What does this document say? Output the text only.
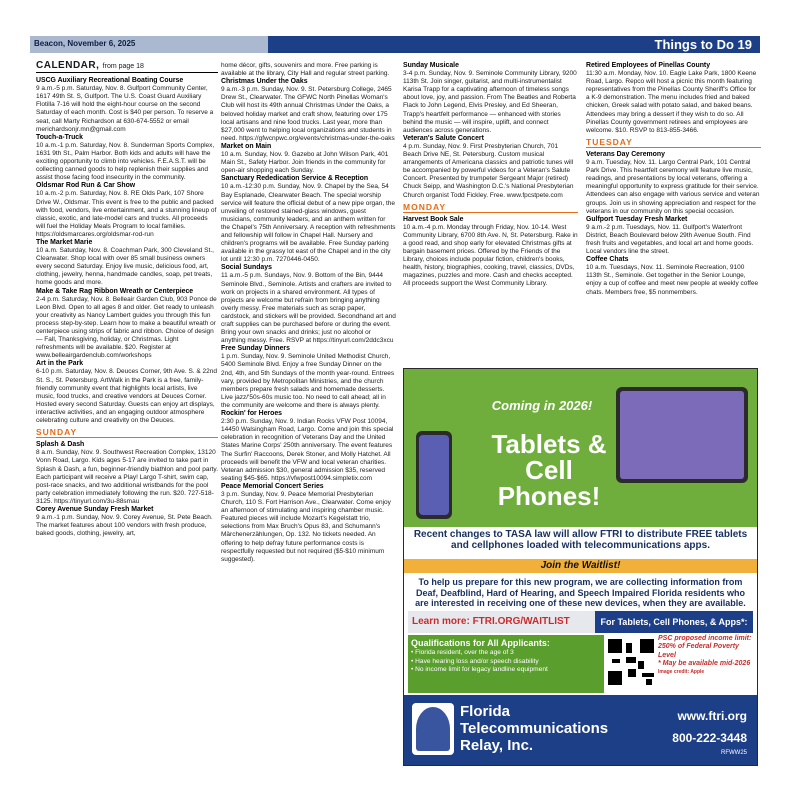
Beacon, November 6, 2025	Things to Do 19
CALENDAR, from page 18
USCG Auxiliary Recreational Boating Course
9 a.m.-5 p.m. Saturday, Nov. 8. Gulfport Community Center, 1617 49th St. S, Gulfport. The U.S. Coast Guard Auxiliary Flotilla 7-16 will hold the eight-hour course on the second Saturday of each month. Cost is $40 per person. To reserve a seat, call Marty Richardson at 630-674-5552 or email merichardsonjr.mn@gmail.com
Touch-a-Truck
10 a.m.-1 p.m. Saturday, Nov. 8. Sunderman Sports Complex, 1631 9th St., Palm Harbor. Both kids and adults will have the exciting opportunity to climb into vehicles. F.E.A.S.T. will be collecting canned goods to help replenish their supplies and assist those facing food insecurity in the community.
Oldsmar Rod Run & Car Show
10 a.m.-2 p.m. Saturday, Nov. 8. RE Olds Park, 107 Shore Drive W., Oldsmar. This event is free to the public and packed with food, vendors, live entertainment, and a stunning lineup of classic, exotic, and late-model cars and trucks. All proceeds will fuel the Holiday Meals Program to local families. https://oldsmarcares.org/oldsmar-rod-run
The Market Marie
10 a.m. Saturday, Nov. 8. Coachman Park, 300 Cleveland St., Clearwater. Shop local with over 85 small business owners every second Saturday. Enjoy live music, delicious food, art, clothing, jewelry, henna, handmade candles, soap, pet treats, home goods and more.
Make & Take Rag Ribbon Wreath or Centerpiece
2-4 p.m. Saturday, Nov. 8. Belleair Garden Club, 903 Ponce de Leon Blvd. Open to all ages 8 and older. Get ready to unleash your creativity as Nancy Lambert guides you through this fun process step-by-step. Learn how to make a beautiful wreath or centerpiece using strips of fabric and ribbon. Choice of design — Fall, Thanksgiving, holiday, or Christmas. Light refreshments will be available. $20. Register at www.belleairgardenclub.com/workshops
Art in the Park
6-10 p.m. Saturday, Nov. 8. Deuces Corner, 9th Ave. S. & 22nd St. S., St. Petersburg. ArtWalk in the Park is a free, family-friendly community event that highlights local artists, live music, food trucks, and creative vendors at Deuces Corner. Hosted every second Saturday. Guests can enjoy art displays, interactive activities, and an engaging outdoor atmosphere celebrating culture and creativity on the Deuces.
SUNDAY
Splash & Dash
8 a.m. Sunday, Nov. 9. Southwest Recreation Complex, 13120 Vonn Road, Largo. Kids ages 5-17 are invited to take part in Splash & Dash, a fun, beginner-friendly biathlon and pool party. Each participant will receive a Play! Largo T-shirt, swim cap, post-race snacks, and two additional wristbands for the pool party celebration immediately following the run. $20. 727-518-3125. https://tinyurl.com/3u-88smau
Corey Avenue Sunday Fresh Market
9 a.m.-1 p.m. Sunday, Nov. 9. Corey Avenue, St. Pete Beach. The market features about 100 vendors with fresh produce, baked goods, clothing, jewelry, art,
home décor, gifts, souvenirs and more. Free parking is available at the library, City Hall and regular street parking.
Christmas Under the Oaks
9 a.m.-3 p.m. Sunday, Nov. 9. St. Petersburg College, 2465 Drew St., Clearwater. The GFWC North Pinellas Woman's Club will host its 49th annual Christmas Under the Oaks, a beloved holiday market and craft show, featuring over 175 local artisans and nine food trucks. Last year, more than $27,000 went to helping local organizations and students in need. https://gfwcnpwc.org/events/christmas-under-the-oaks
Market on Main
10 a.m. Sunday, Nov. 9. Gazebo at John Wilson Park, 401 Main St., Safety Harbor. Join friends in the community for open-air shopping each Sunday.
Sanctuary Rededication Service & Reception
10 a.m.-12:30 p.m. Sunday, Nov. 9. Chapel by the Sea, 54 Bay Esplanade, Clearwater Beach. The special worship service will feature the official debut of a new pipe organ, the unveiling of restored stained-glass windows, guest musicians, community leaders, and an anthem written for the Chapel's 75th Anniversary. A reception with refreshments and fellowship will follow in Chapel Hall. Nursery and children's programs will be available. Free Sunday parking available in the grassy lot east of the Chapel and in the city lot until 12:30 p.m. 7270446-0450.
Social Sundays
11 a.m.-5 p.m. Sundays, Nov. 9. Bottom of the Bin, 9444 Seminole Blvd., Seminole. Artists and crafters are invited to work on projects in a shared environment. All types of projects are welcome but refrain from bringing anything overly messy. Free materials such as scrap paper, cardstock, and stickers will be provided. Secondhand art and craft supplies can be purchased before or during the event. Bring your own snacks and drinks; just no alcohol or anything messy. Free. RSVP at https://tinyurl.com/2ddc3xcu
Free Sunday Dinners
1 p.m. Sunday, Nov. 9. Seminole United Methodist Church, 5400 Seminole Blvd. Enjoy a free Sunday Dinner on the 2nd, 4th, and 5th Sundays of the month year-round. Entrees vary, provided by Metropolitan Ministries, and the church members prepare fresh salads and homemade desserts. Live jazz/'50s-60s music too. No need to call ahead; all in the community are welcome and there is always plenty.
Rockin' for Heroes
2:30 p.m. Sunday, Nov. 9. Indian Rocks VFW Post 10094, 14450 Walsingham Road, Largo. Come and join this special celebration in recognition of Veterans Day and the United States Marine Corps' 250th anniversary. The event features The Surfin' Raccoons, Derek Stoner, and Molly Hatchet. All proceeds will benefit the VFW and local veteran charities. Veteran admission $30, general admission $35, reserved seating $45-$65. https://vfwpost10094.simpletix.com
Peace Memorial Concert Series
3 p.m. Sunday, Nov. 9. Peace Memorial Presbyterian Church, 110 S. Fort Harrison Ave., Clearwater. Come enjoy an afternoon of stimulating and inspiring chamber music. Featured pieces will include Mozart's Kegelstatt trio, selections from Max Bruch's Opus 83, and Schumann's Märchenerzählungen, Op. 132. No tickets needed. An offering to help defray future performance costs is respectfully requested but not required ($5-$10 minimum suggested).
Sunday Musicale
3-4 p.m. Sunday, Nov. 9. Seminole Community Library, 9200 113th St. Join singer, guitarist, and multi-instrumentalist Karisa Trapp for a captivating afternoon of timeless songs about love, joy, and passion. From The Beatles and Roberta Flack to John Legend, Elvis Presley, and Ed Sheeran, Trapp's heartfelt performance — enhanced with stories behind the music — will inspire, uplift, and connect audiences across generations.
Veteran's Salute Concert
4 p.m. Sunday, Nov. 9. First Presbyterian Church, 701 Beach Drive NE, St. Petersburg. Custom musical arrangements of Americana classics and patriotic tunes will be accompanied by powerful videos for a Veteran's Salute Concert. Presented by trumpeter Sergeant Major (retired) Chuck Seipp, and Washington D.C.'s National Presbyterian Church organist Todd Fickley. Free. www.fpcstpete.com
MONDAY
Harvest Book Sale
10 a.m.-4 p.m. Monday through Friday, Nov. 10-14. West Community Library, 6700 8th Ave. N, St. Petersburg. Rake in a good read, and shop early for elevated Christmas gifts at bargain basement prices. Offered by the Friends of the Library, choices include popular fiction, children's books, health, history, biographies, cooking, travel, classics, DVDs, magazines, puzzles and more. Cash and checks accepted. All proceeds support the West Community Library.
Retired Employees of Pinellas County
11:30 a.m. Monday, Nov. 10. Eagle Lake Park, 1800 Keene Road, Largo. Repco will host a picnic this month featuring representatives from the Pinellas County Sheriff's Office for a K-9 demonstration. The menu includes fried and baked chicken, Greek salad with potato salad, and baked beans. Attendees may bring a dessert if they wish to do so. All Pinellas County government retirees and employees are welcome. $10. RSVP to 813-855-3466.
TUESDAY
Veterans Day Ceremony
9 a.m. Tuesday, Nov. 11. Largo Central Park, 101 Central Park Drive. This heartfelt ceremony will feature live music, readings, and presentations by local veterans, offering a meaningful opportunity to express gratitude for their service. Attendees can also engage with various service and veteran groups. Join us in showing appreciation and respect for the veterans in our community on this special occasion.
Gulfport Tuesday Fresh Market
9 a.m.-2 p.m. Tuesdays, Nov. 11. Gulfport's Waterfront District, Beach Boulevard below 29th Avenue South. Find fresh fruits and vegetables, and local art and home goods. Local vendors line the street.
Coffee Chats
10 a.m. Tuesdays, Nov. 11. Seminole Recreation, 9100 113th St., Seminole. Get together in the Senior Lounge, enjoy a cup of coffee and meet new people at weekly coffee chats. Members free, $5 nonmembers.
Coming in 2026!
Tablets & Cell Phones!
Recent changes to TASA law will allow FTRI to distribute FREE tablets and cellphones loaded with telecommunications apps.
Join the Waitlist!
To help us prepare for this new program, we are collecting information from Deaf, Deafblind, Hard of Hearing, and Speech Impaired Florida residents who are interested in receiving one of these new devices, when they are available.
Learn more: FTRI.ORG/WAITLIST	For Tablets, Cell Phones, & Apps*:
Qualifications for All Applicants:
• Florida resident, over the age of 3
• Have hearing loss and/or speech disability
• No income limit for legacy landline equipment
PSC proposed income limit: 250% of Federal Poverty Level
* May be available mid-2026
Image credit: Apple
Florida Telecommunications Relay, Inc.
www.ftri.org
800-222-3448
RFWW25
